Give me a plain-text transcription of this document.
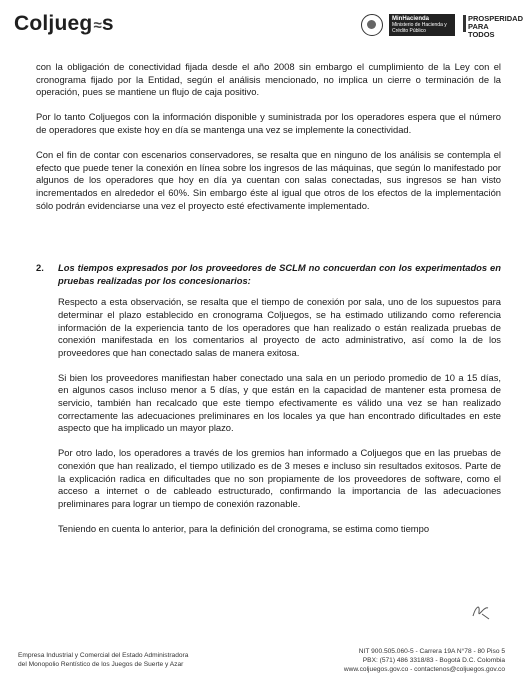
Coljueg≈s	MinHacienda
Ministerio de Hacienda y Crédito Público
PROSPERIDAD PARA TODOS

con la obligación de conectividad fijada desde el año 2008 sin embargo el cumplimiento de la Ley con el cronograma fijado por la Entidad, según el análisis mencionado, no implica un cierre o terminación de la operación, pues se mantiene un flujo de caja positivo.

Por lo tanto Coljuegos con la información disponible y suministrada por los operadores espera que el número de operadores que existe hoy en día se mantenga una vez se implemente la conectividad.

Con el fin de contar con escenarios conservadores, se resalta que en ninguno de los análisis se contempla el efecto que puede tener la conexión en línea sobre los ingresos de las máquinas, que según lo manifestado por algunos de los operadores que hoy en día ya cuentan con salas conectadas, sus ingresos se han visto incrementados en alrededor el 60%. Sin embargo éste al igual que otros de los efectos de la implementación sólo podrán evidenciarse una vez el proyecto esté efectivamente implementado.

2.	Los tiempos expresados por los proveedores de SCLM no concuerdan con los experimentados en pruebas realizadas por los concesionarios:

Respecto a esta observación, se resalta que el tiempo de conexión por sala, uno de los supuestos para determinar el plazo establecido en cronograma Coljuegos, se ha estimado utilizando como referencia información de la experiencia tanto de los operadores que han realizado o están realizada pruebas de conexión manifestada en los comentarios al proyecto de acto administrativo, así como la de los proveedores que han conectado salas de manera exitosa.

Si bien los proveedores manifiestan haber conectado una sala en un periodo promedio de 10 a 15 días, en algunos casos incluso menor a 5 días, y que están en la capacidad de mantener esta promesa de servicio, también han recalcado que este tiempo efectivamente es válido una vez se han realizado correctamente las adecuaciones preliminares en los locales ya que han encontrado dificultades en este aspecto que ha implicado un mayor plazo.

Por otro lado, los operadores a través de los gremios han informado a Coljuegos que en las pruebas de conexión que han realizado, el tiempo utilizado es de 3 meses e incluso sin resultados exitosos. Parte de la explicación radica en dificultades que no son propiamente de los proveedores de software, como el acceso a internet o de cableado estructurado, confirmando la importancia de las adecuaciones preliminares para lograr un tiempo de conexión razonable.

Teniendo en cuenta lo anterior, para la definición del cronograma, se estima como tiempo

Empresa Industrial y Comercial del Estado Administradora
del Monopolio Rentístico de los Juegos de Suerte y Azar
NIT 900.505.060-5 - Carrera 19A N°78 - 80 Piso 5
PBX: (571) 486 3318/83 - Bogotá D.C. Colombia
www.coljuegos.gov.co - contactenos@coljuegos.gov.co
